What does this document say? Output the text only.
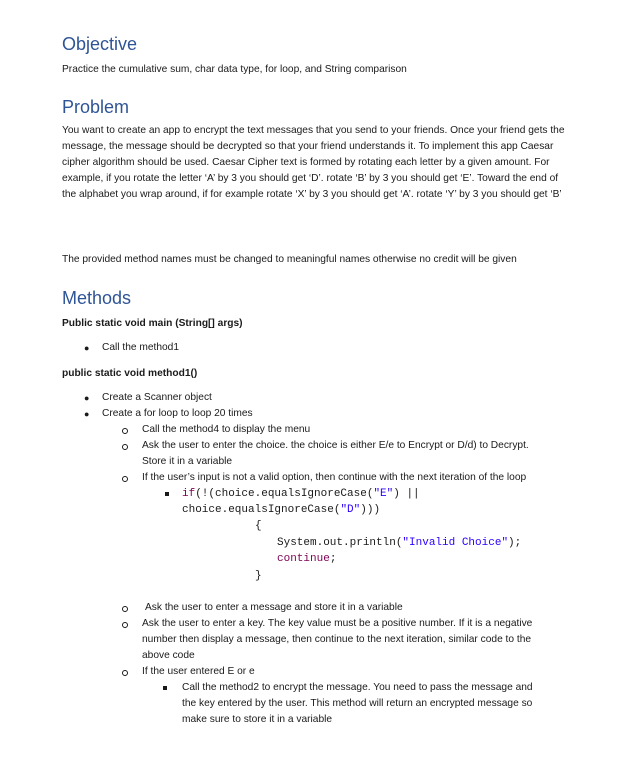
Objective
Practice the cumulative sum, char data type, for loop, and String comparison
Problem
You want to create an app to encrypt the text messages that you send to your friends. Once your friend gets the message, the message should be decrypted so that your friend understands it. To implement this app Caesar cipher algorithm should be used. Caesar Cipher text is formed by rotating each letter by a given amount. For example, if you rotate the letter ‘A’ by 3 you should get ‘D’. rotate ‘B’ by 3 you should get ‘E’. Toward the end of the alphabet you wrap around, if for example rotate ‘X’ by 3 you should get ‘A’. rotate ‘Y’ by 3 you should get ‘B’
The provided method names must be changed to meaningful names otherwise no credit will be given
Methods
Public static void main (String[] args)
● Call the method1
public static void method1()
● Create a Scanner object
● Create a for loop to loop 20 times
Call the method4 to display the menu
Ask the user to enter the choice. the choice is either E/e to Encrypt or D/d) to Decrypt.
Store it in a variable
If the user’s input is not a valid option, then continue with the next iteration of the loop
if(!(choice.equalsIgnoreCase("E") ||
choice.equalsIgnoreCase("D")))
{
System.out.println("Invalid Choice");
continue;
}
Ask the user to enter a message and store it in a variable
Ask the user to enter a key. The key value must be a positive number. If it is a negative
number then display a message, then continue to the next iteration, similar code to the
above code
If the user entered E or e
Call the method2 to encrypt the message. You need to pass the message and
the key entered by the user. This method will return an encrypted message so
make sure to store it in a variable
